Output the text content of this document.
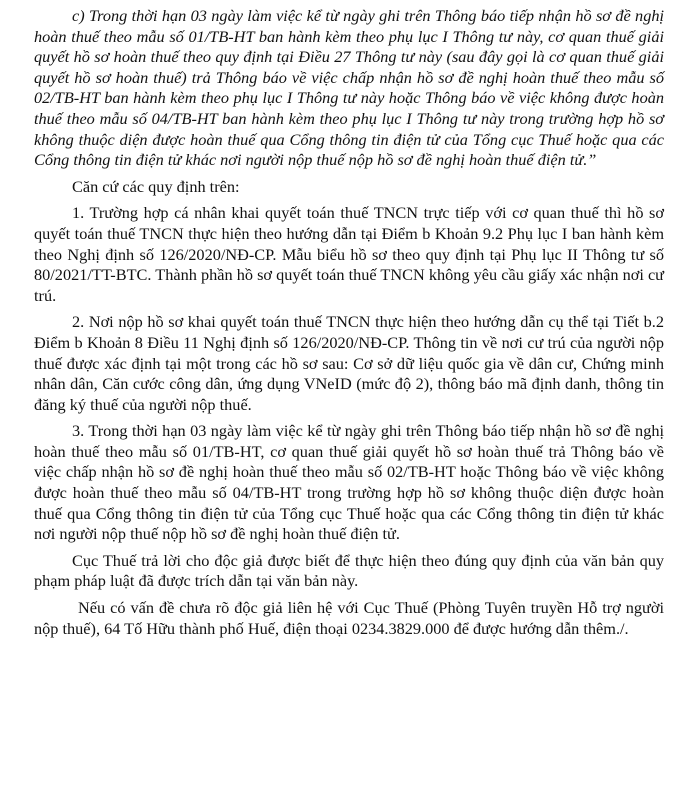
c) Trong thời hạn 03 ngày làm việc kể từ ngày ghi trên Thông báo tiếp nhận hồ sơ đề nghị hoàn thuế theo mẫu số 01/TB-HT ban hành kèm theo phụ lục I Thông tư này, cơ quan thuế giải quyết hồ sơ hoàn thuế theo quy định tại Điều 27 Thông tư này (sau đây gọi là cơ quan thuế giải quyết hồ sơ hoàn thuế) trả Thông báo về việc chấp nhận hồ sơ đề nghị hoàn thuế theo mẫu số 02/TB-HT ban hành kèm theo phụ lục I Thông tư này hoặc Thông báo về việc không được hoàn thuế theo mẫu số 04/TB-HT ban hành kèm theo phụ lục I Thông tư này trong trường hợp hồ sơ không thuộc diện được hoàn thuế qua Cổng thông tin điện tử của Tổng cục Thuế hoặc qua các Cổng thông tin điện tử khác nơi người nộp thuế nộp hồ sơ đề nghị hoàn thuế điện tử.”

Căn cứ các quy định trên:

1. Trường hợp cá nhân khai quyết toán thuế TNCN trực tiếp với cơ quan thuế thì hồ sơ quyết toán thuế TNCN thực hiện theo hướng dẫn tại Điểm b Khoản 9.2 Phụ lục I ban hành kèm theo Nghị định số 126/2020/NĐ-CP. Mẫu biểu hồ sơ theo quy định tại Phụ lục II Thông tư số 80/2021/TT-BTC. Thành phần hồ sơ quyết toán thuế TNCN không yêu cầu giấy xác nhận nơi cư trú.

2. Nơi nộp hồ sơ khai quyết toán thuế TNCN thực hiện theo hướng dẫn cụ thể tại Tiết b.2 Điểm b Khoản 8 Điều 11 Nghị định số 126/2020/NĐ-CP. Thông tin về nơi cư trú của người nộp thuế được xác định tại một trong các hồ sơ sau: Cơ sở dữ liệu quốc gia về dân cư, Chứng minh nhân dân, Căn cước công dân, ứng dụng VNeID (mức độ 2), thông báo mã định danh, thông tin đăng ký thuế của người nộp thuế.

3. Trong thời hạn 03 ngày làm việc kể từ ngày ghi trên Thông báo tiếp nhận hồ sơ đề nghị hoàn thuế theo mẫu số 01/TB-HT, cơ quan thuế giải quyết hồ sơ hoàn thuế trả Thông báo về việc chấp nhận hồ sơ đề nghị hoàn thuế theo mẫu số 02/TB-HT hoặc Thông báo về việc không được hoàn thuế theo mẫu số 04/TB-HT trong trường hợp hồ sơ không thuộc diện được hoàn thuế qua Cổng thông tin điện tử của Tổng cục Thuế hoặc qua các Cổng thông tin điện tử khác nơi người nộp thuế nộp hồ sơ đề nghị hoàn thuế điện tử.

Cục Thuế trả lời cho độc giả được biết để thực hiện theo đúng quy định của văn bản quy phạm pháp luật đã được trích dẫn tại văn bản này.

Nếu có vấn đề chưa rõ độc giả liên hệ với Cục Thuế (Phòng Tuyên truyền Hỗ trợ người nộp thuế), 64 Tố Hữu thành phố Huế, điện thoại 0234.3829.000 để được hướng dẫn thêm./.
